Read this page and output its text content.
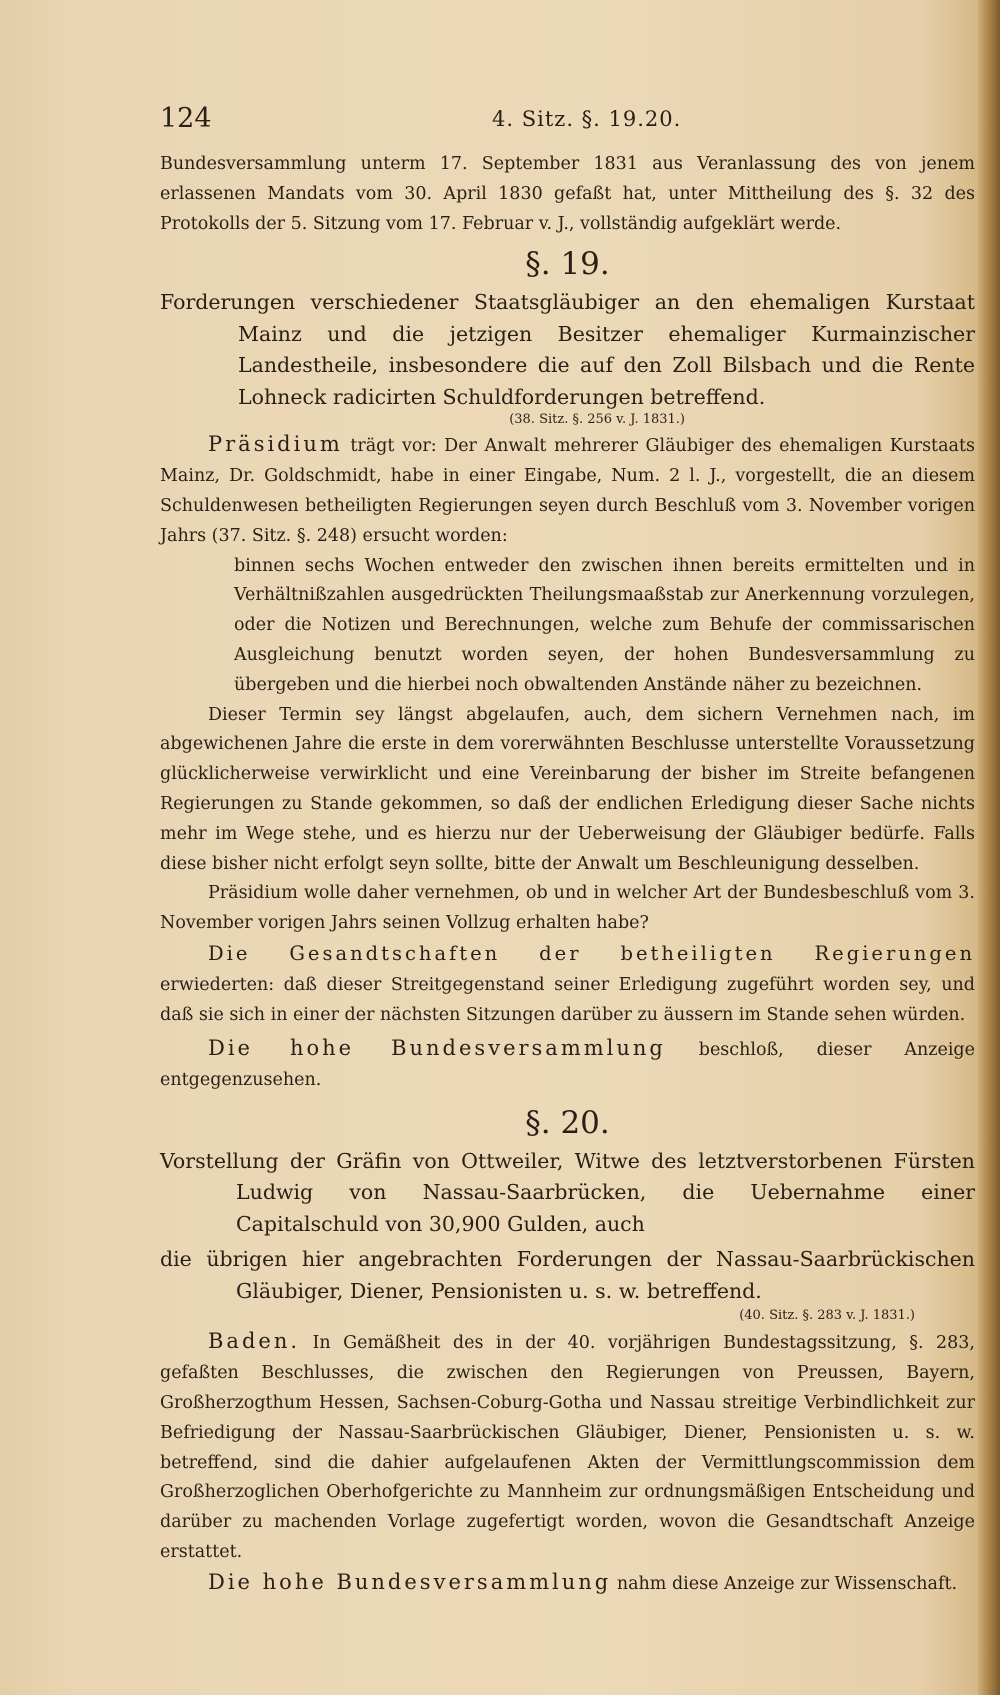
124	4. Sitz. §. 19.20.

Bundesversammlung unterm 17. September 1831 aus Veranlassung des von jenem erlassenen Mandats vom 30. April 1830 gefaßt hat, unter Mittheilung des §. 32 des Protokolls der 5. Sitzung vom 17. Februar v. J., vollständig aufgeklärt werde.

§. 19.

Forderungen verschiedener Staatsgläubiger an den ehemaligen Kurstaat Mainz und die jetzigen Besitzer ehemaliger Kurmainzischer Landestheile, insbesondere die auf den Zoll Bilsbach und die Rente Lohneck radicirten Schuldforderungen betreffend.

(38. Sitz. §. 256 v. J. 1831.)

Präsidium trägt vor: Der Anwalt mehrerer Gläubiger des ehemaligen Kurstaats Mainz, Dr. Goldschmidt, habe in einer Eingabe, Num. 2 l. J., vorgestellt, die an diesem Schuldenwesen betheiligten Regierungen seyen durch Beschluß vom 3. November vorigen Jahrs (37. Sitz. §. 248) ersucht worden:

binnen sechs Wochen entweder den zwischen ihnen bereits ermittelten und in Verhältnißzahlen ausgedrückten Theilungsmaaßstab zur Anerkennung vorzulegen, oder die Notizen und Berechnungen, welche zum Behufe der commissarischen Ausgleichung benutzt worden seyen, der hohen Bundesversammlung zu übergeben und die hierbei noch obwaltenden Anstände näher zu bezeichnen.

Dieser Termin sey längst abgelaufen, auch, dem sichern Vernehmen nach, im abgewichenen Jahre die erste in dem vorerwähnten Beschlusse unterstellte Voraussetzung glücklicherweise verwirklicht und eine Vereinbarung der bisher im Streite befangenen Regierungen zu Stande gekommen, so daß der endlichen Erledigung dieser Sache nichts mehr im Wege stehe, und es hierzu nur der Ueberweisung der Gläubiger bedürfe. Falls diese bisher nicht erfolgt seyn sollte, bitte der Anwalt um Beschleunigung desselben.

Präsidium wolle daher vernehmen, ob und in welcher Art der Bundesbeschluß vom 3. November vorigen Jahrs seinen Vollzug erhalten habe?

Die Gesandtschaften der betheiligten Regierungen erwiederten: daß dieser Streitgegenstand seiner Erledigung zugeführt worden sey, und daß sie sich in einer der nächsten Sitzungen darüber zu äussern im Stande sehen würden.

Die hohe Bundesversammlung beschloß, dieser Anzeige entgegenzusehen.

§. 20.

Vorstellung der Gräfin von Ottweiler, Witwe des letztverstorbenen Fürsten Ludwig von Nassau-Saarbrücken, die Uebernahme einer Capitalschuld von 30,900 Gulden, auch

die übrigen hier angebrachten Forderungen der Nassau-Saarbrückischen Gläubiger, Diener, Pensionisten u. s. w. betreffend.

(40. Sitz. §. 283 v. J. 1831.)

Baden. In Gemäßheit des in der 40. vorjährigen Bundestagssitzung, §. 283, gefaßten Beschlusses, die zwischen den Regierungen von Preussen, Bayern, Großherzogthum Hessen, Sachsen-Coburg-Gotha und Nassau streitige Verbindlichkeit zur Befriedigung der Nassau-Saarbrückischen Gläubiger, Diener, Pensionisten u. s. w. betreffend, sind die dahier aufgelaufenen Akten der Vermittlungscommission dem Großherzoglichen Oberhofgerichte zu Mannheim zur ordnungsmäßigen Entscheidung und darüber zu machenden Vorlage zugefertigt worden, wovon die Gesandtschaft Anzeige erstattet.

Die hohe Bundesversammlung nahm diese Anzeige zur Wissenschaft.
